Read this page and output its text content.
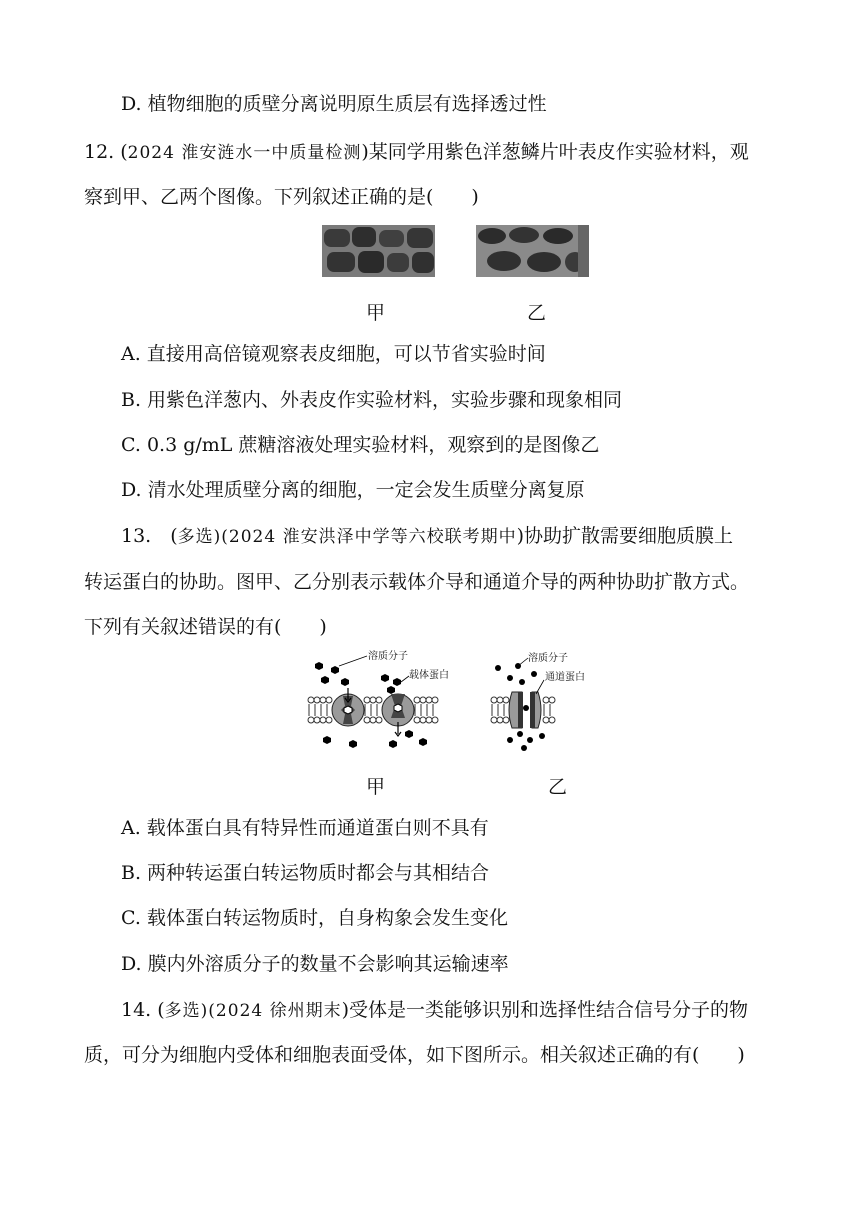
D. 植物细胞的质壁分离说明原生质层有选择透过性
12. (2024 淮安涟水一中质量检测)某同学用紫色洋葱鳞片叶表皮作实验材料，观
察到甲、乙两个图像。下列叙述正确的是(　　)
甲	乙
A. 直接用高倍镜观察表皮细胞，可以节省实验时间
B. 用紫色洋葱内、外表皮作实验材料，实验步骤和现象相同
C. 0.3 g/mL 蔗糖溶液处理实验材料，观察到的是图像乙
D. 清水处理质壁分离的细胞，一定会发生质壁分离复原
13.　(多选)(2024 淮安洪泽中学等六校联考期中)协助扩散需要细胞质膜上
转运蛋白的协助。图甲、乙分别表示载体介导和通道介导的两种协助扩散方式。
下列有关叙述错误的有(　　)
溶质分子
载体蛋白
溶质分子
通道蛋白
甲	乙
A. 载体蛋白具有特异性而通道蛋白则不具有
B. 两种转运蛋白转运物质时都会与其相结合
C. 载体蛋白转运物质时，自身构象会发生变化
D. 膜内外溶质分子的数量不会影响其运输速率
14. (多选)(2024 徐州期末)受体是一类能够识别和选择性结合信号分子的物
质，可分为细胞内受体和细胞表面受体，如下图所示。相关叙述正确的有(　　)
